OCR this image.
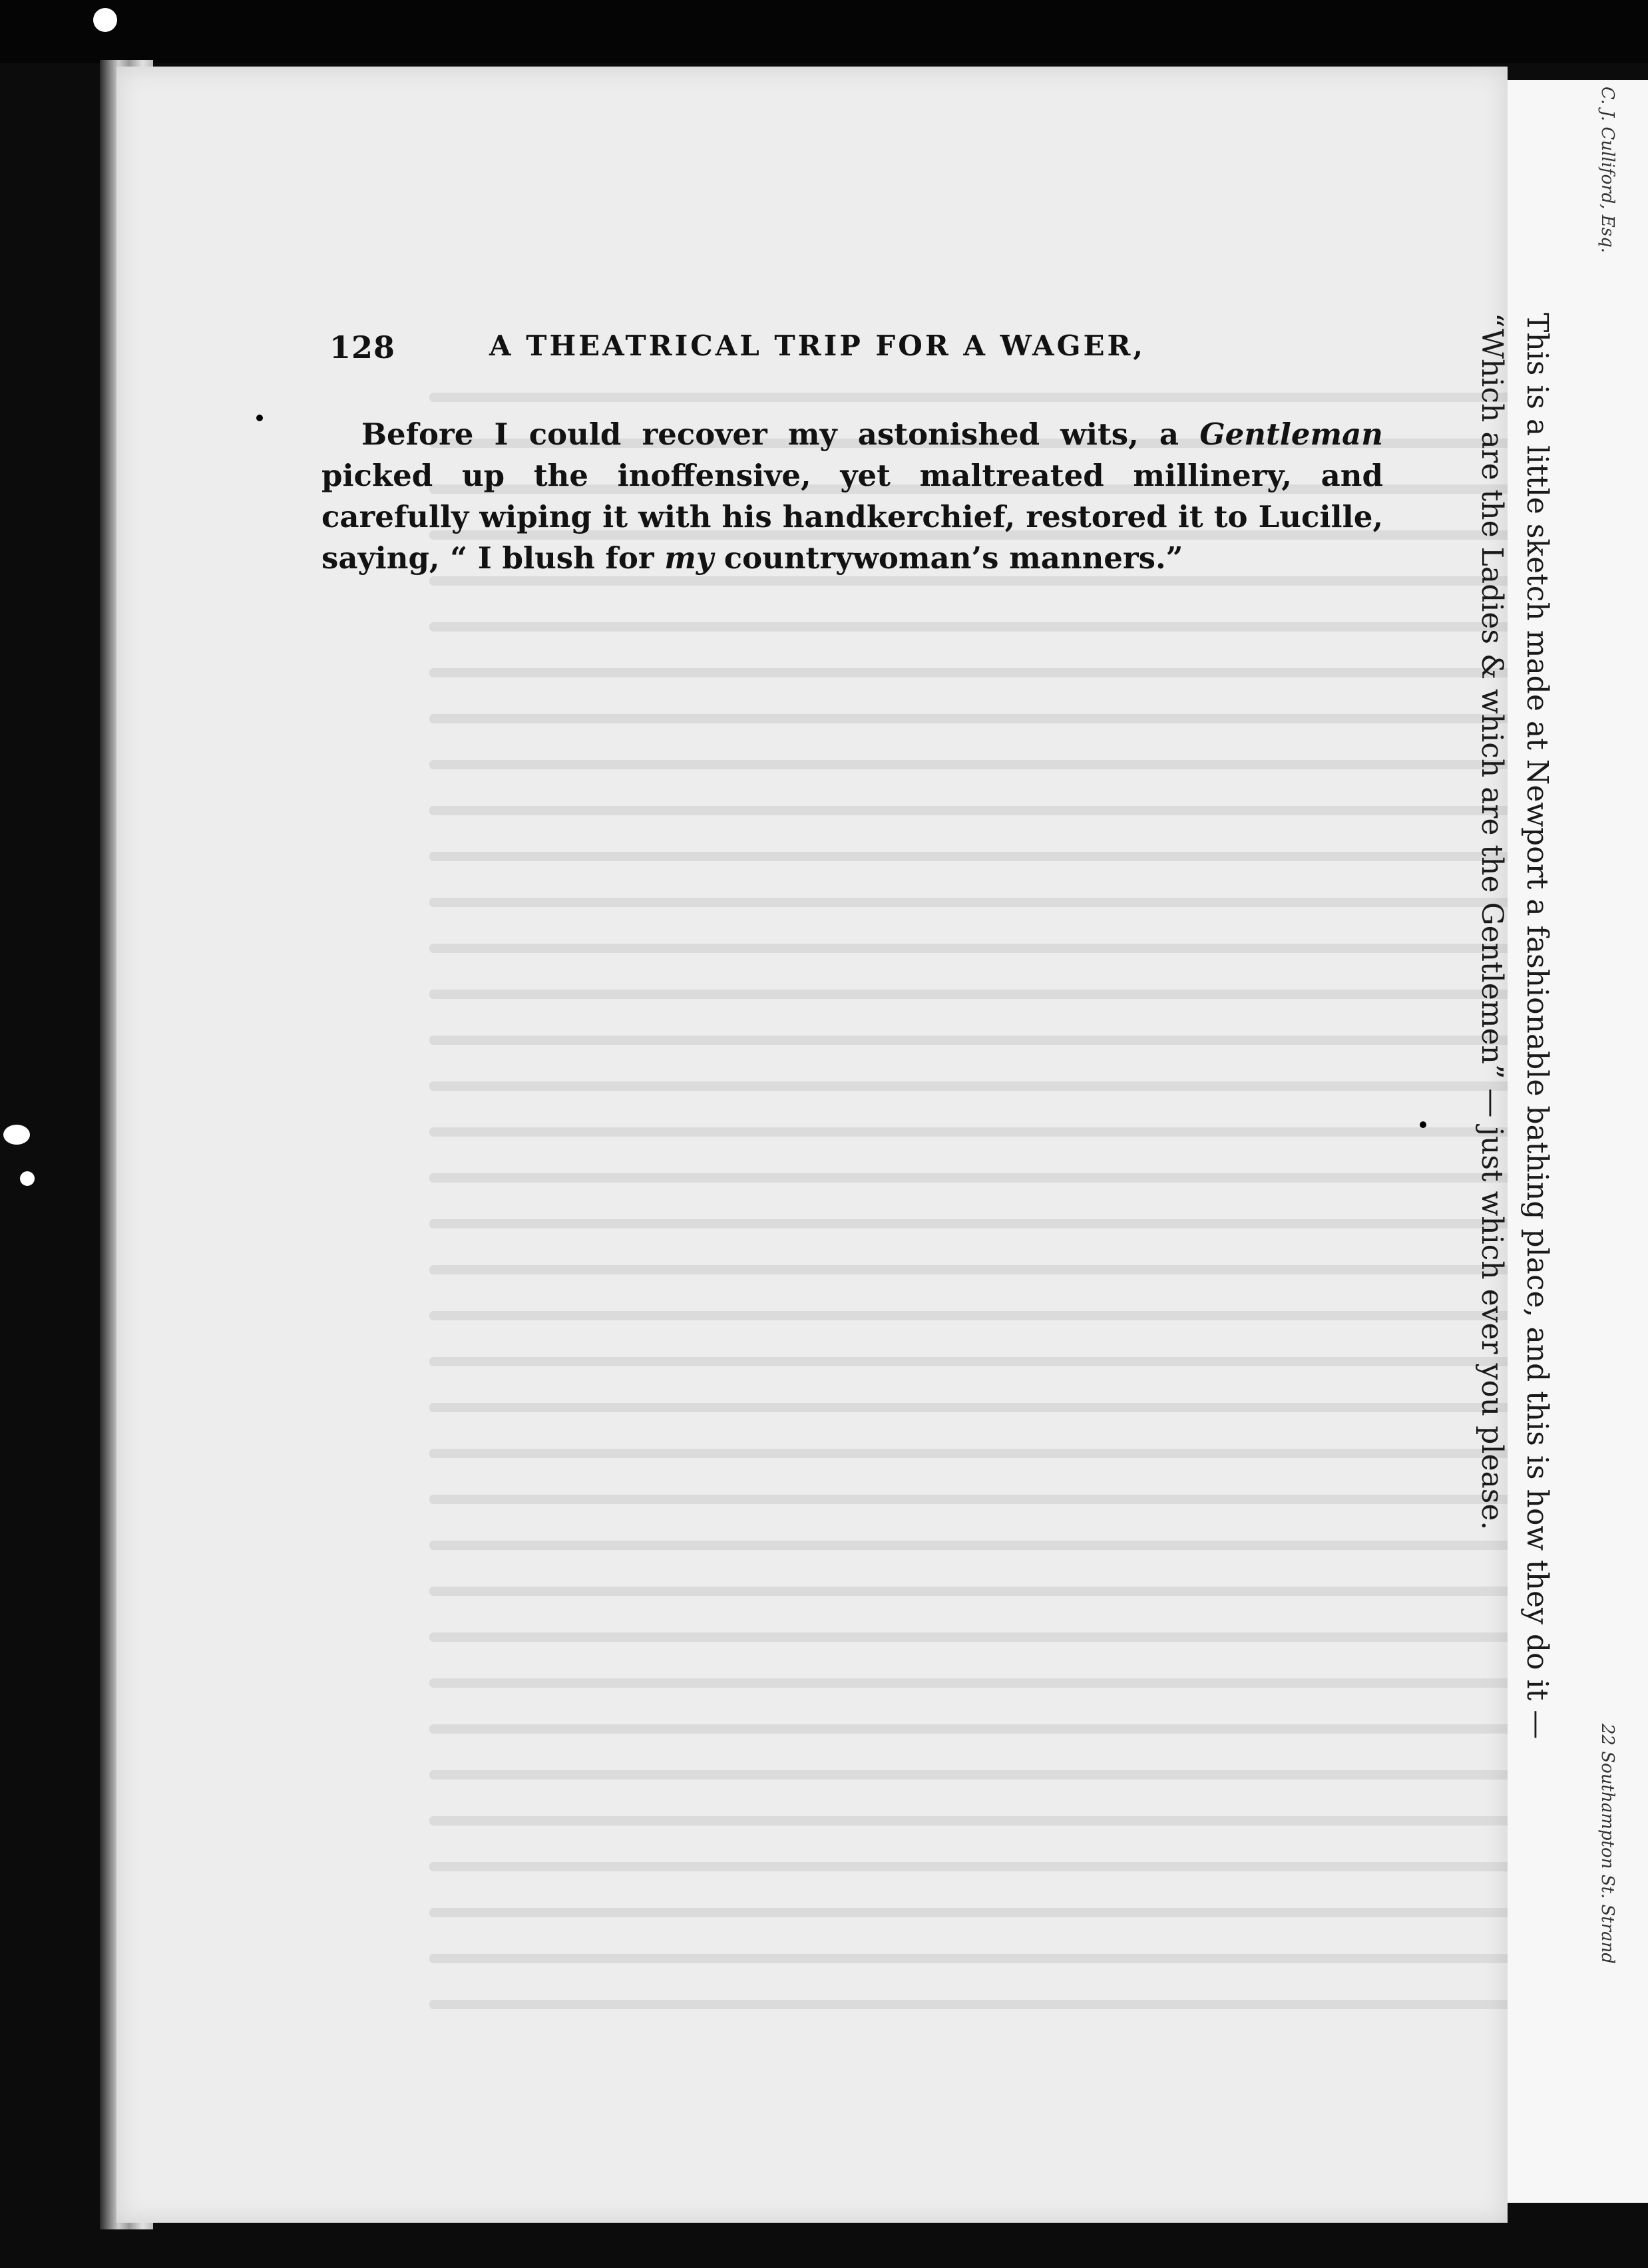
128	A THEATRICAL TRIP FOR A WAGER,

Before I could recover my astonished wits, a Gentleman picked up the inoffensive, yet maltreated millinery, and carefully wiping it with his handkerchief, restored it to Lucille, saying, “ I blush for my countrywoman’s manners.”	This is a little sketch made at Newport a fashionable bathing place, and this is how they do it —
“Which are the Ladies & which are the Gentlemen” — just which ever you please.
C. J. Culliford, Esq.
22 Southampton St. Strand
